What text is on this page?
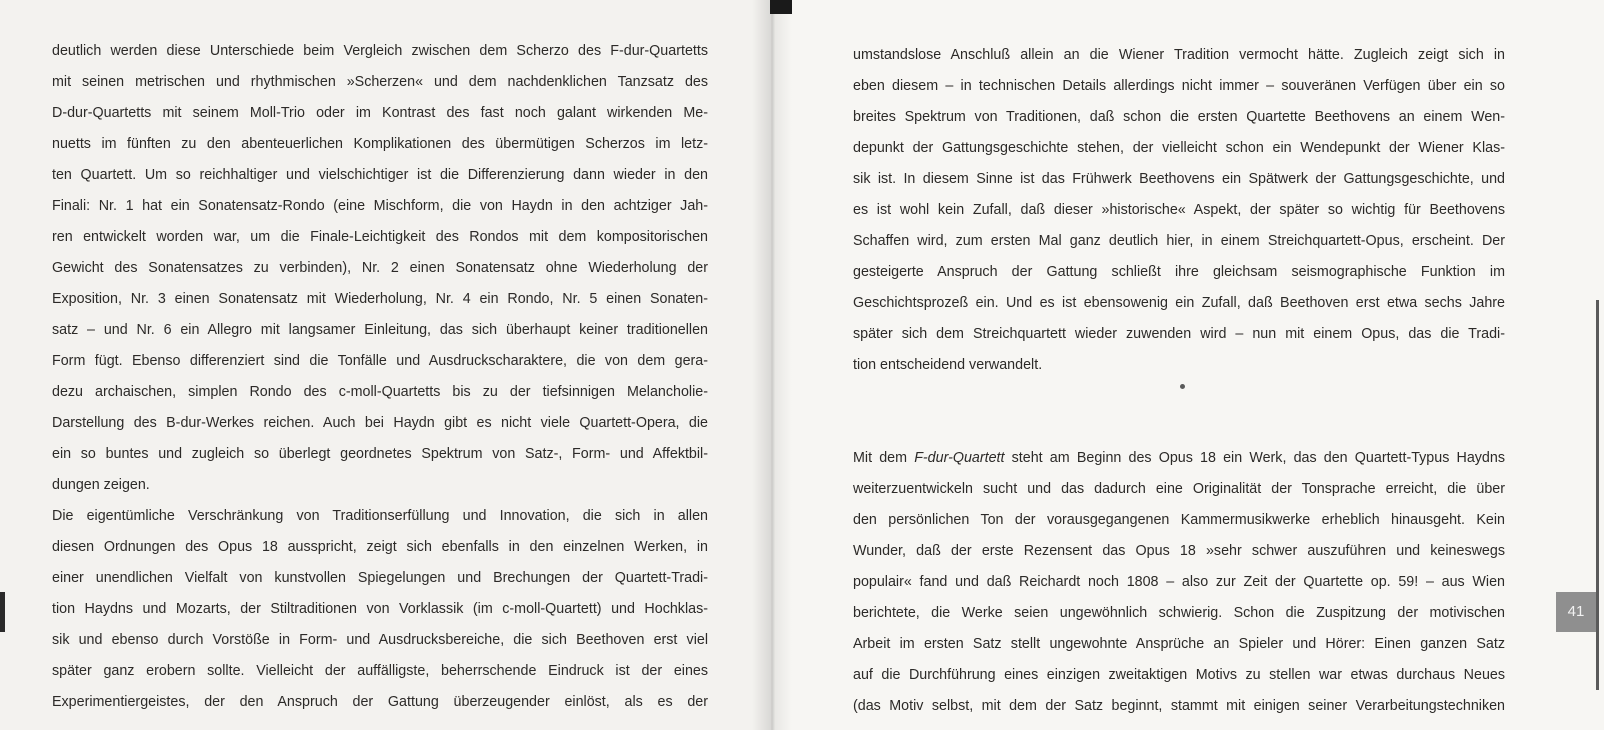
deutlich werden diese Unterschiede beim Vergleich zwischen dem Scherzo des F-dur-Quartetts
mit seinen metrischen und rhythmischen »Scherzen« und dem nachdenklichen Tanzsatz des
D-dur-Quartetts mit seinem Moll-Trio oder im Kontrast des fast noch galant wirkenden Me-
nuetts im fünften zu den abenteuerlichen Komplikationen des übermütigen Scherzos im letz-
ten Quartett. Um so reichhaltiger und vielschichtiger ist die Differenzierung dann wieder in den
Finali: Nr. 1 hat ein Sonatensatz-Rondo (eine Mischform, die von Haydn in den achtziger Jah-
ren entwickelt worden war, um die Finale-Leichtigkeit des Rondos mit dem kompositorischen
Gewicht des Sonatensatzes zu verbinden), Nr. 2 einen Sonatensatz ohne Wiederholung der
Exposition, Nr. 3 einen Sonatensatz mit Wiederholung, Nr. 4 ein Rondo, Nr. 5 einen Sonaten-
satz – und Nr. 6 ein Allegro mit langsamer Einleitung, das sich überhaupt keiner traditionellen
Form fügt. Ebenso differenziert sind die Tonfälle und Ausdruckscharaktere, die von dem gera-
dezu archaischen, simplen Rondo des c-moll-Quartetts bis zu der tiefsinnigen Melancholie-
Darstellung des B-dur-Werkes reichen. Auch bei Haydn gibt es nicht viele Quartett-Opera, die
ein so buntes und zugleich so überlegt geordnetes Spektrum von Satz-, Form- und Affektbil-
dungen zeigen.
Die eigentümliche Verschränkung von Traditionserfüllung und Innovation, die sich in allen
diesen Ordnungen des Opus 18 ausspricht, zeigt sich ebenfalls in den einzelnen Werken, in
einer unendlichen Vielfalt von kunstvollen Spiegelungen und Brechungen der Quartett-Tradi-
tion Haydns und Mozarts, der Stiltraditionen von Vorklassik (im c-moll-Quartett) und Hochklas-
sik und ebenso durch Vorstöße in Form- und Ausdrucksbereiche, die sich Beethoven erst viel
später ganz erobern sollte. Vielleicht der auffälligste, beherrschende Eindruck ist der eines
Experimentiergeistes, der den Anspruch der Gattung überzeugender einlöst, als es der
umstandslose Anschluß allein an die Wiener Tradition vermocht hätte. Zugleich zeigt sich in
eben diesem – in technischen Details allerdings nicht immer – souveränen Verfügen über ein so
breites Spektrum von Traditionen, daß schon die ersten Quartette Beethovens an einem Wen-
depunkt der Gattungsgeschichte stehen, der vielleicht schon ein Wendepunkt der Wiener Klas-
sik ist. In diesem Sinne ist das Frühwerk Beethovens ein Spätwerk der Gattungsgeschichte, und
es ist wohl kein Zufall, daß dieser »historische« Aspekt, der später so wichtig für Beethovens
Schaffen wird, zum ersten Mal ganz deutlich hier, in einem Streichquartett-Opus, erscheint. Der
gesteigerte Anspruch der Gattung schließt ihre gleichsam seismographische Funktion im
Geschichtsprozeß ein. Und es ist ebensowenig ein Zufall, daß Beethoven erst etwa sechs Jahre
später sich dem Streichquartett wieder zuwenden wird – nun mit einem Opus, das die Tradi-
tion entscheidend verwandelt.
Mit dem F-dur-Quartett steht am Beginn des Opus 18 ein Werk, das den Quartett-Typus Haydns
weiterzuentwickeln sucht und das dadurch eine Originalität der Tonsprache erreicht, die über
den persönlichen Ton der vorausgegangenen Kammermusikwerke erheblich hinausgeht. Kein
Wunder, daß der erste Rezensent das Opus 18 »sehr schwer auszuführen und keineswegs
populair« fand und daß Reichardt noch 1808 – also zur Zeit der Quartette op. 59! – aus Wien
berichtete, die Werke seien ungewöhnlich schwierig. Schon die Zuspitzung der motivischen
Arbeit im ersten Satz stellt ungewohnte Ansprüche an Spieler und Hörer: Einen ganzen Satz
auf die Durchführung eines einzigen zweitaktigen Motivs zu stellen war etwas durchaus Neues
(das Motiv selbst, mit dem der Satz beginnt, stammt mit einigen seiner Verarbeitungstechniken
41
